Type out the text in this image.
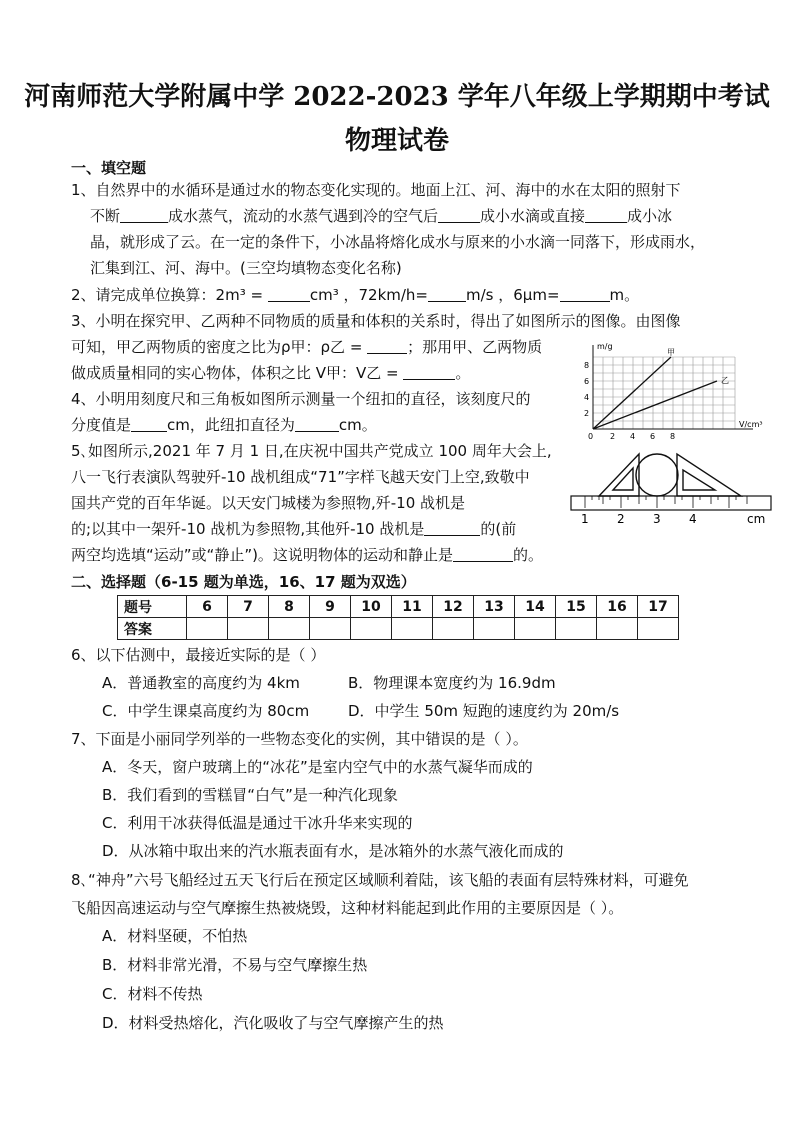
河南师范大学附属中学 2022-2023 学年八年级上学期期中考试
物理试卷
一、填空题
1、自然界中的水循环是通过水的物态变化实现的。地面上江、河、海中的水在太阳的照射下
不断	成水蒸气，流动的水蒸气遇到冷的空气后	成小水滴或直接	成小冰
晶，就形成了云。在一定的条件下，小冰晶将熔化成水与原来的小水滴一同落下，形成雨水，
汇集到江、河、海中。(三空均填物态变化名称)
2、请完成单位换算：2m³ =	cm³ ，72km/h=	m/s ，6μm=	m。
3、小明在探究甲、乙两种不同物质的质量和体积的关系时，得出了如图所示的图像。由图像
可知，甲乙两物质的密度之比为ρ甲：ρ乙 =	；那用甲、乙两物质
做成质量相同的实心物体，体积之比 V甲：V乙 =	。
4、小明用刻度尺和三角板如图所示测量一个纽扣的直径，该刻度尺的
分度值是 cm，此纽扣直径为	cm。
5､如图所示,2021 年 7 月 1 日,在庆祝中国共产党成立 100 周年大会上,
八一飞行表演队驾驶歼-10 战机组成“71”字样飞越天安门上空,致敬中
国共产党的百年华诞。以天安门城楼为参照物,歼-10 战机是
的;以其中一架歼-10 战机为参照物,其他歼-10 战机是	的(前
两空均选填“运动”或“静止”)。这说明物体的运动和静止是	的。
m/g
V/cm³
甲
乙
8
6
4
2
0 2 4 6 8
1 2 3 4	cm
二、选择题（6-15 题为单选，16、17 题为双选）
题号	6	7	8	9	10	11	12	13	14	15	16	17
答案												
6、以下估测中，最接近实际的是（ ）
A．普通教室的高度约为 4km	B．物理课本宽度约为 16.9dm
C．中学生课桌高度约为 80cm	D．中学生 50m 短跑的速度约为 20m/s
7、下面是小丽同学列举的一些物态变化的实例，其中错误的是（ ）。
A．冬天，窗户玻璃上的“冰花”是室内空气中的水蒸气凝华而成的
B．我们看到的雪糕冒“白气”是一种汽化现象
C．利用干冰获得低温是通过干冰升华来实现的
D．从冰箱中取出来的汽水瓶表面有水，是冰箱外的水蒸气液化而成的
8､“神舟”六号飞船经过五天飞行后在预定区域顺利着陆，该飞船的表面有层特殊材料，可避免
飞船因高速运动与空气摩擦生热被烧毁，这种材料能起到此作用的主要原因是（ ）。
A．材料坚硬，不怕热
B．材料非常光滑，不易与空气摩擦生热
C．材料不传热
D．材料受热熔化，汽化吸收了与空气摩擦产生的热
